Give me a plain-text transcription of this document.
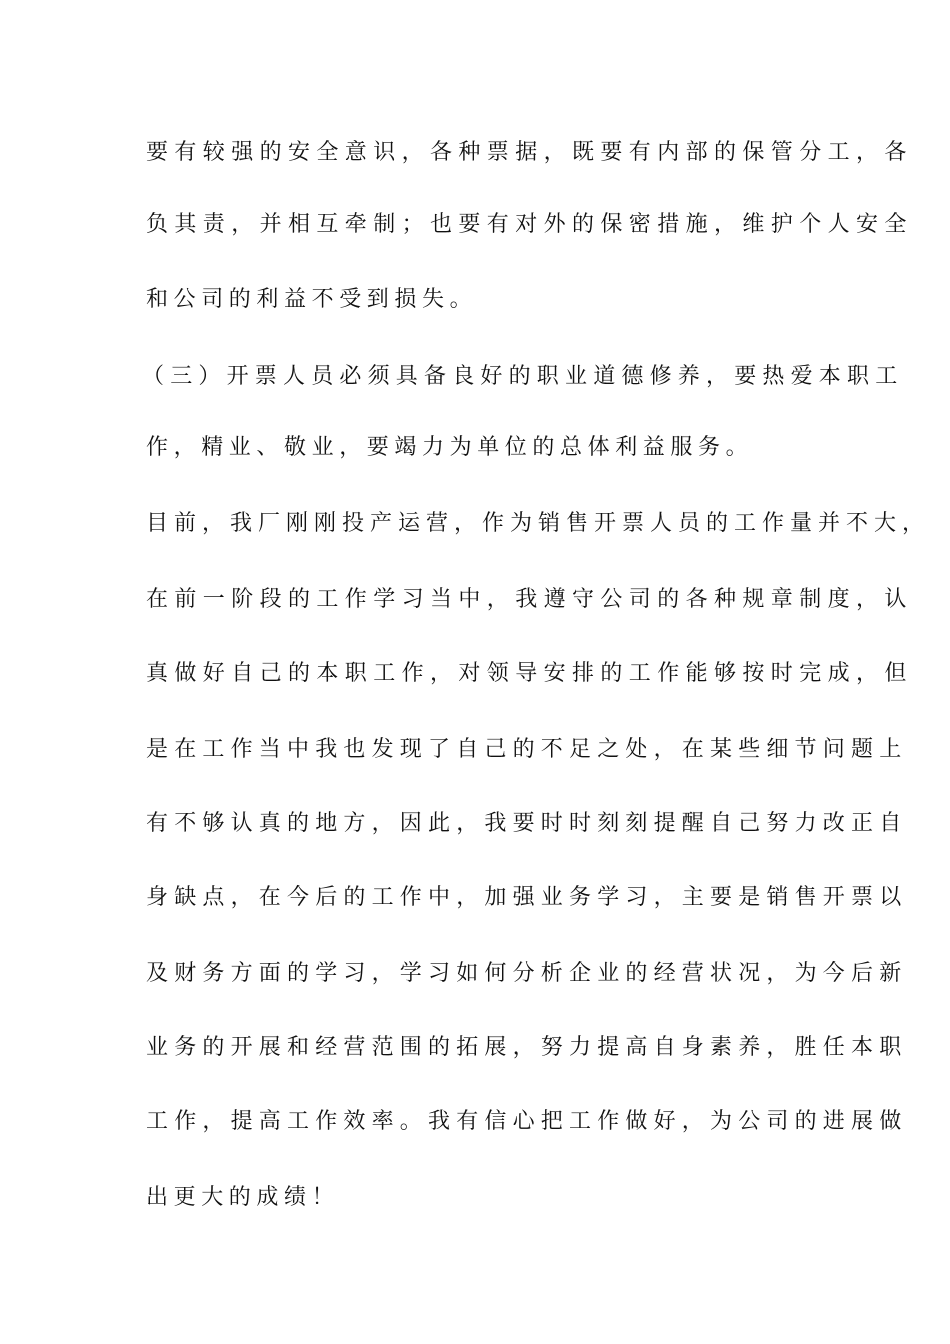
要有较强的安全意识，各种票据，既要有内部的保管分工，各
负其责，并相互牵制；也要有对外的保密措施，维护个人安全
和公司的利益不受到损失。
（三）开票人员必须具备良好的职业道德修养，要热爱本职工
作，精业、敬业，要竭力为单位的总体利益服务。
目前，我厂刚刚投产运营，作为销售开票人员的工作量并不大，
在前一阶段的工作学习当中，我遵守公司的各种规章制度，认
真做好自己的本职工作，对领导安排的工作能够按时完成，但
是在工作当中我也发现了自己的不足之处，在某些细节问题上
有不够认真的地方，因此，我要时时刻刻提醒自己努力改正自
身缺点，在今后的工作中，加强业务学习，主要是销售开票以
及财务方面的学习，学习如何分析企业的经营状况，为今后新
业务的开展和经营范围的拓展，努力提高自身素养，胜任本职
工作，提高工作效率。我有信心把工作做好，为公司的进展做
出更大的成绩！
